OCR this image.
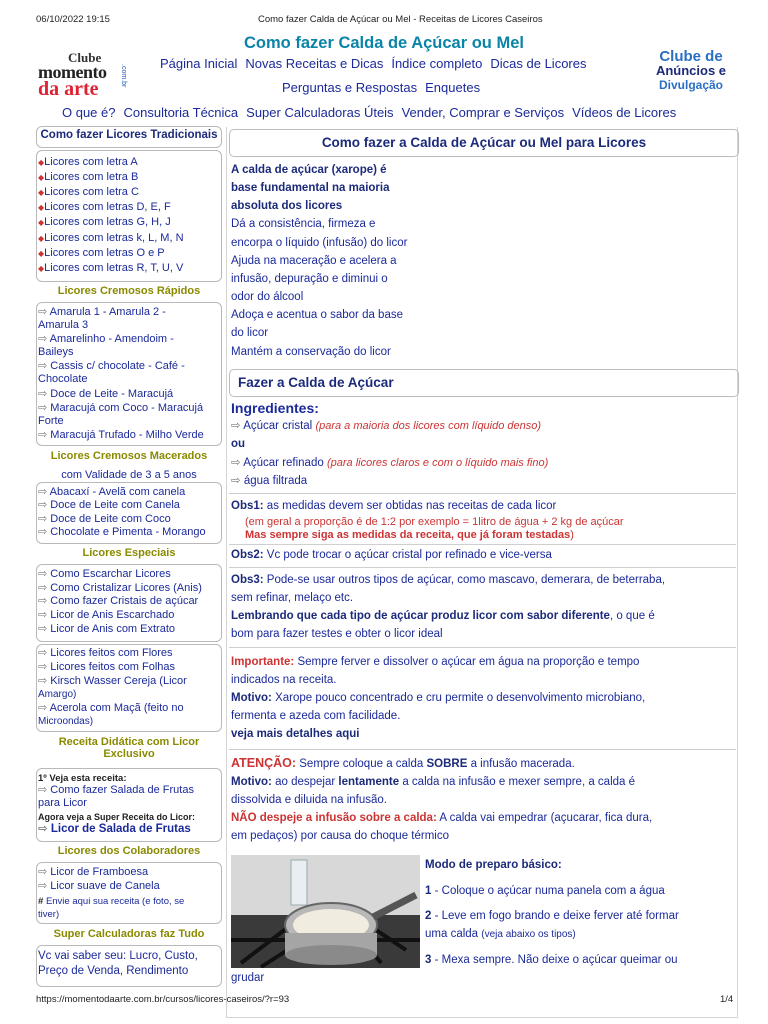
06/10/2022 19:15	Como fazer Calda de Açúcar ou Mel - Receitas de Licores Caseiros
Clube
momento
da arte
.com.br
Como fazer Calda de Açúcar ou Mel
Clube de
Anúncios e
Divulgação
Página Inicial Novas Receitas e Dicas Índice completo Dicas de Licores
Perguntas e Respostas Enquetes
O que é? Consultoria Técnica Super Calculadoras Úteis Vender, Comprar e Serviços Vídeos de Licores
Como fazer Licores Tradicionais
◆Licores com letra A
◆Licores com letra B
◆Licores com letra C
◆Licores com letras D, E, F
◆Licores com letras G, H, J
◆Licores com letras k, L, M, N
◆Licores com letras O e P
◆Licores com letras R, T, U, V
Licores Cremosos Rápidos
⇨ Amarula 1 - Amarula 2 -
Amarula 3
⇨ Amarelinho - Amendoim -
Baileys
⇨ Cassis c/ chocolate - Café -
Chocolate
⇨ Doce de Leite - Maracujá
⇨ Maracujá com Coco - Maracujá
Forte
⇨ Maracujá Trufado - Milho Verde
Licores Cremosos Macerados
com Validade de 3 a 5 anos
⇨ Abacaxí - Avelã com canela
⇨ Doce de Leite com Canela
⇨ Doce de Leite com Coco
⇨ Chocolate e Pimenta - Morango
Licores Especiais
⇨ Como Escarchar Licores
⇨ Como Cristalizar Licores (Anis)
⇨ Como fazer Cristais de açúcar
⇨ Licor de Anis Escarchado
⇨ Licor de Anis com Extrato
⇨ Licores feitos com Flores
⇨ Licores feitos com Folhas
⇨ Kirsch Wasser Cereja (Licor
Amargo)
⇨ Acerola com Maçã (feito no
Microondas)
Receita Didática com Licor
Exclusivo
1º Veja esta receita:
⇨ Como fazer Salada de Frutas
para Licor
Agora veja a Super Receita do Licor:
⇨ Licor de Salada de Frutas
Licores dos Colaboradores
⇨ Licor de Framboesa
⇨ Licor suave de Canela
# Envie aqui sua receita (e foto, se
tiver)
Super Calculadoras faz Tudo
Vc vai saber seu: Lucro, Custo,
Preço de Venda, Rendimento
Como fazer a Calda de Açúcar ou Mel para Licores
A calda de açúcar (xarope) é
base fundamental na maioria
absoluta dos licores
Dá a consistência, firmeza e
encorpa o líquido (infusão) do licor
Ajuda na maceração e acelera a
infusão, depuração e diminui o
odor do álcool
Adoça e acentua o sabor da base
do licor
Mantém a conservação do licor
Fazer a Calda de Açúcar
Ingredientes:
⇨ Açúcar cristal (para a maioria dos licores com líquido denso)
ou
⇨ Açúcar refinado (para licores claros e com o líquido mais fino)
⇨ água filtrada
Obs1: as medidas devem ser obtidas nas receitas de cada licor
(em geral a proporção é de 1:2 por exemplo = 1litro de água + 2 kg de açúcar
Mas sempre siga as medidas da receita, que já foram testadas)
Obs2: Vc pode trocar o açúcar cristal por refinado e vice-versa
Obs3: Pode-se usar outros tipos de açúcar, como mascavo, demerara, de beterraba,
sem refinar, melaço etc.
Lembrando que cada tipo de açúcar produz licor com sabor diferente, o que é
bom para fazer testes e obter o licor ideal
Importante: Sempre ferver e dissolver o açúcar em água na proporção e tempo
indicados na receita.
Motivo: Xarope pouco concentrado e cru permite o desenvolvimento microbiano,
fermenta e azeda com facilidade.
veja mais detalhes aqui
ATENÇÃO: Sempre coloque a calda SOBRE a infusão macerada.
Motivo: ao despejar lentamente a calda na infusão e mexer sempre, a calda é
dissolvida e diluida na infusão.
NÃO despeje a infusão sobre a calda: A calda vai empedrar (açucarar, fica dura,
em pedaços) por causa do choque térmico
Modo de preparo básico:
1 - Coloque o açúcar numa panela com a água
2 - Leve em fogo brando e deixe ferver até formar
uma calda (veja abaixo os tipos)
3 - Mexa sempre. Não deixe o açúcar queimar ou
grudar
https://momentodaarte.com.br/cursos/licores-caseiros/?r=93	1/4
